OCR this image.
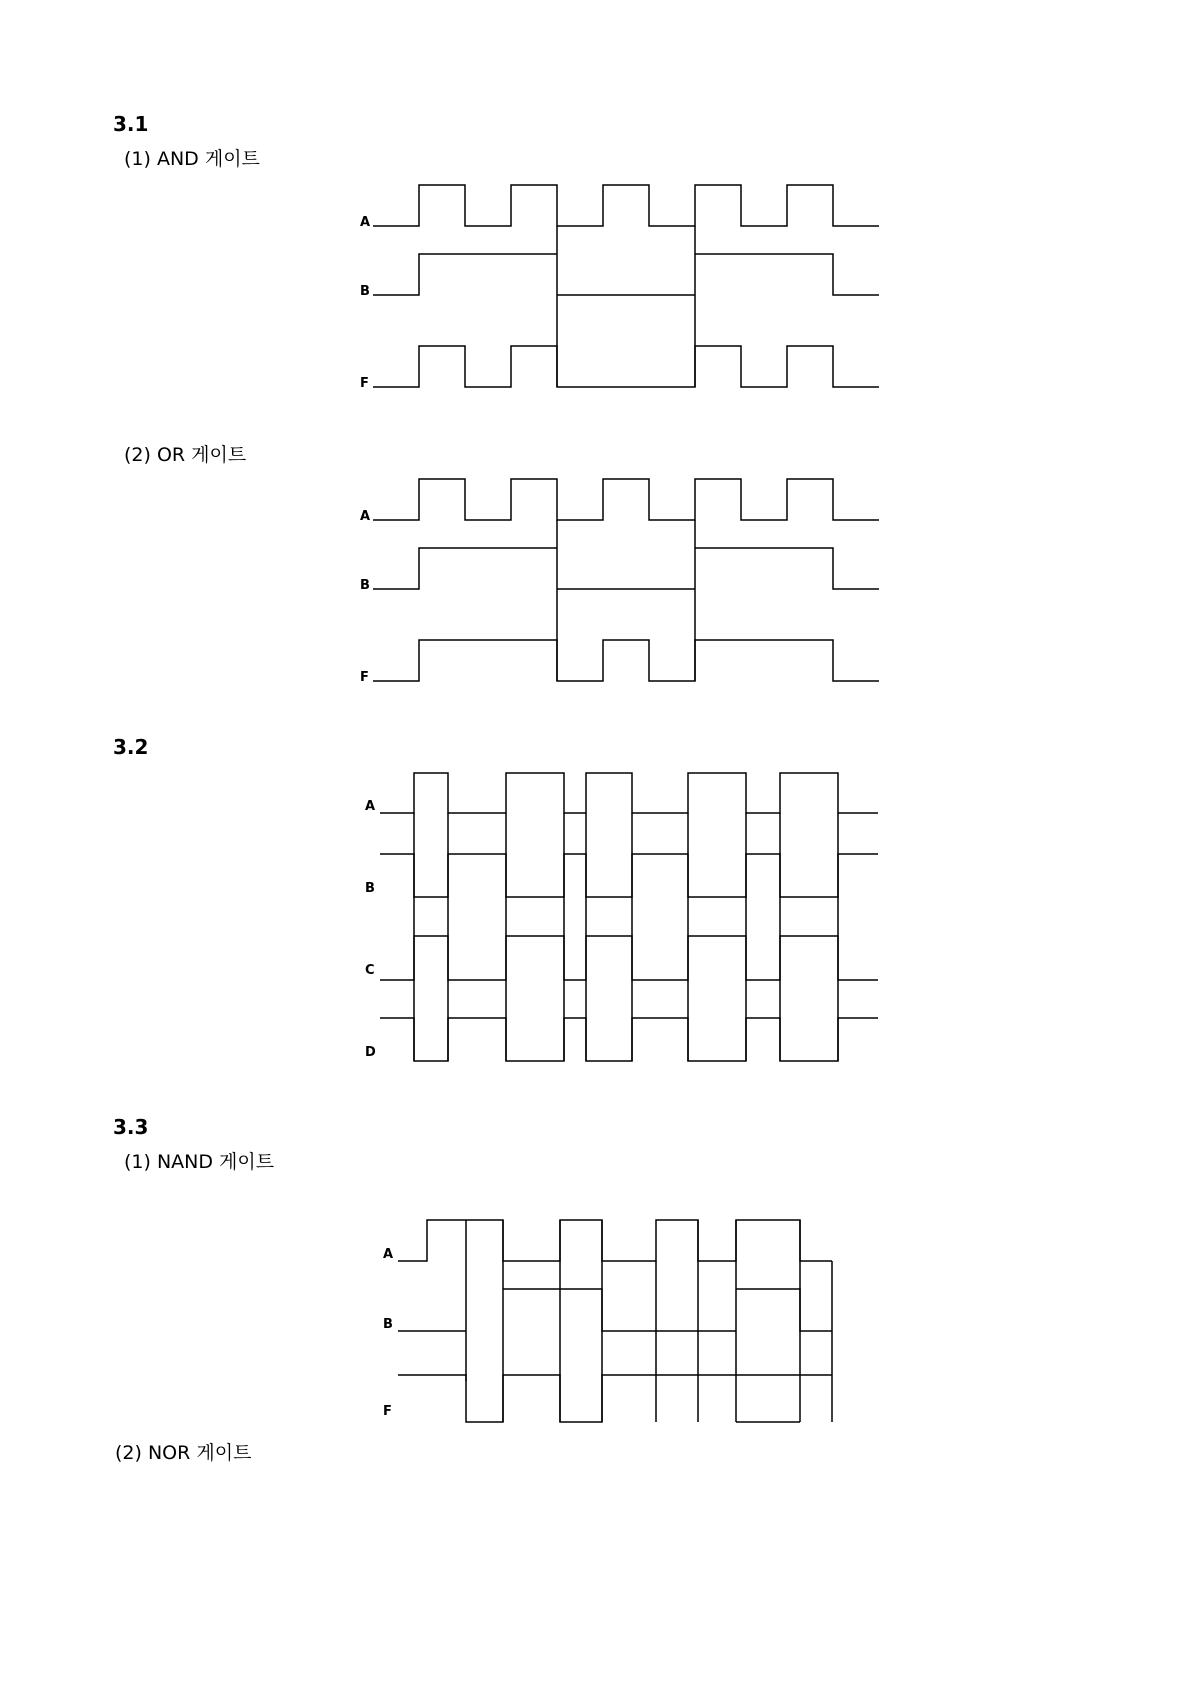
3.1

(1) AND 게이트

A
B
F

(2) OR 게이트

A
B
F

3.2

A
B
C
D

3.3

(1) NAND 게이트

A
B
F

(2) NOR 게이트
